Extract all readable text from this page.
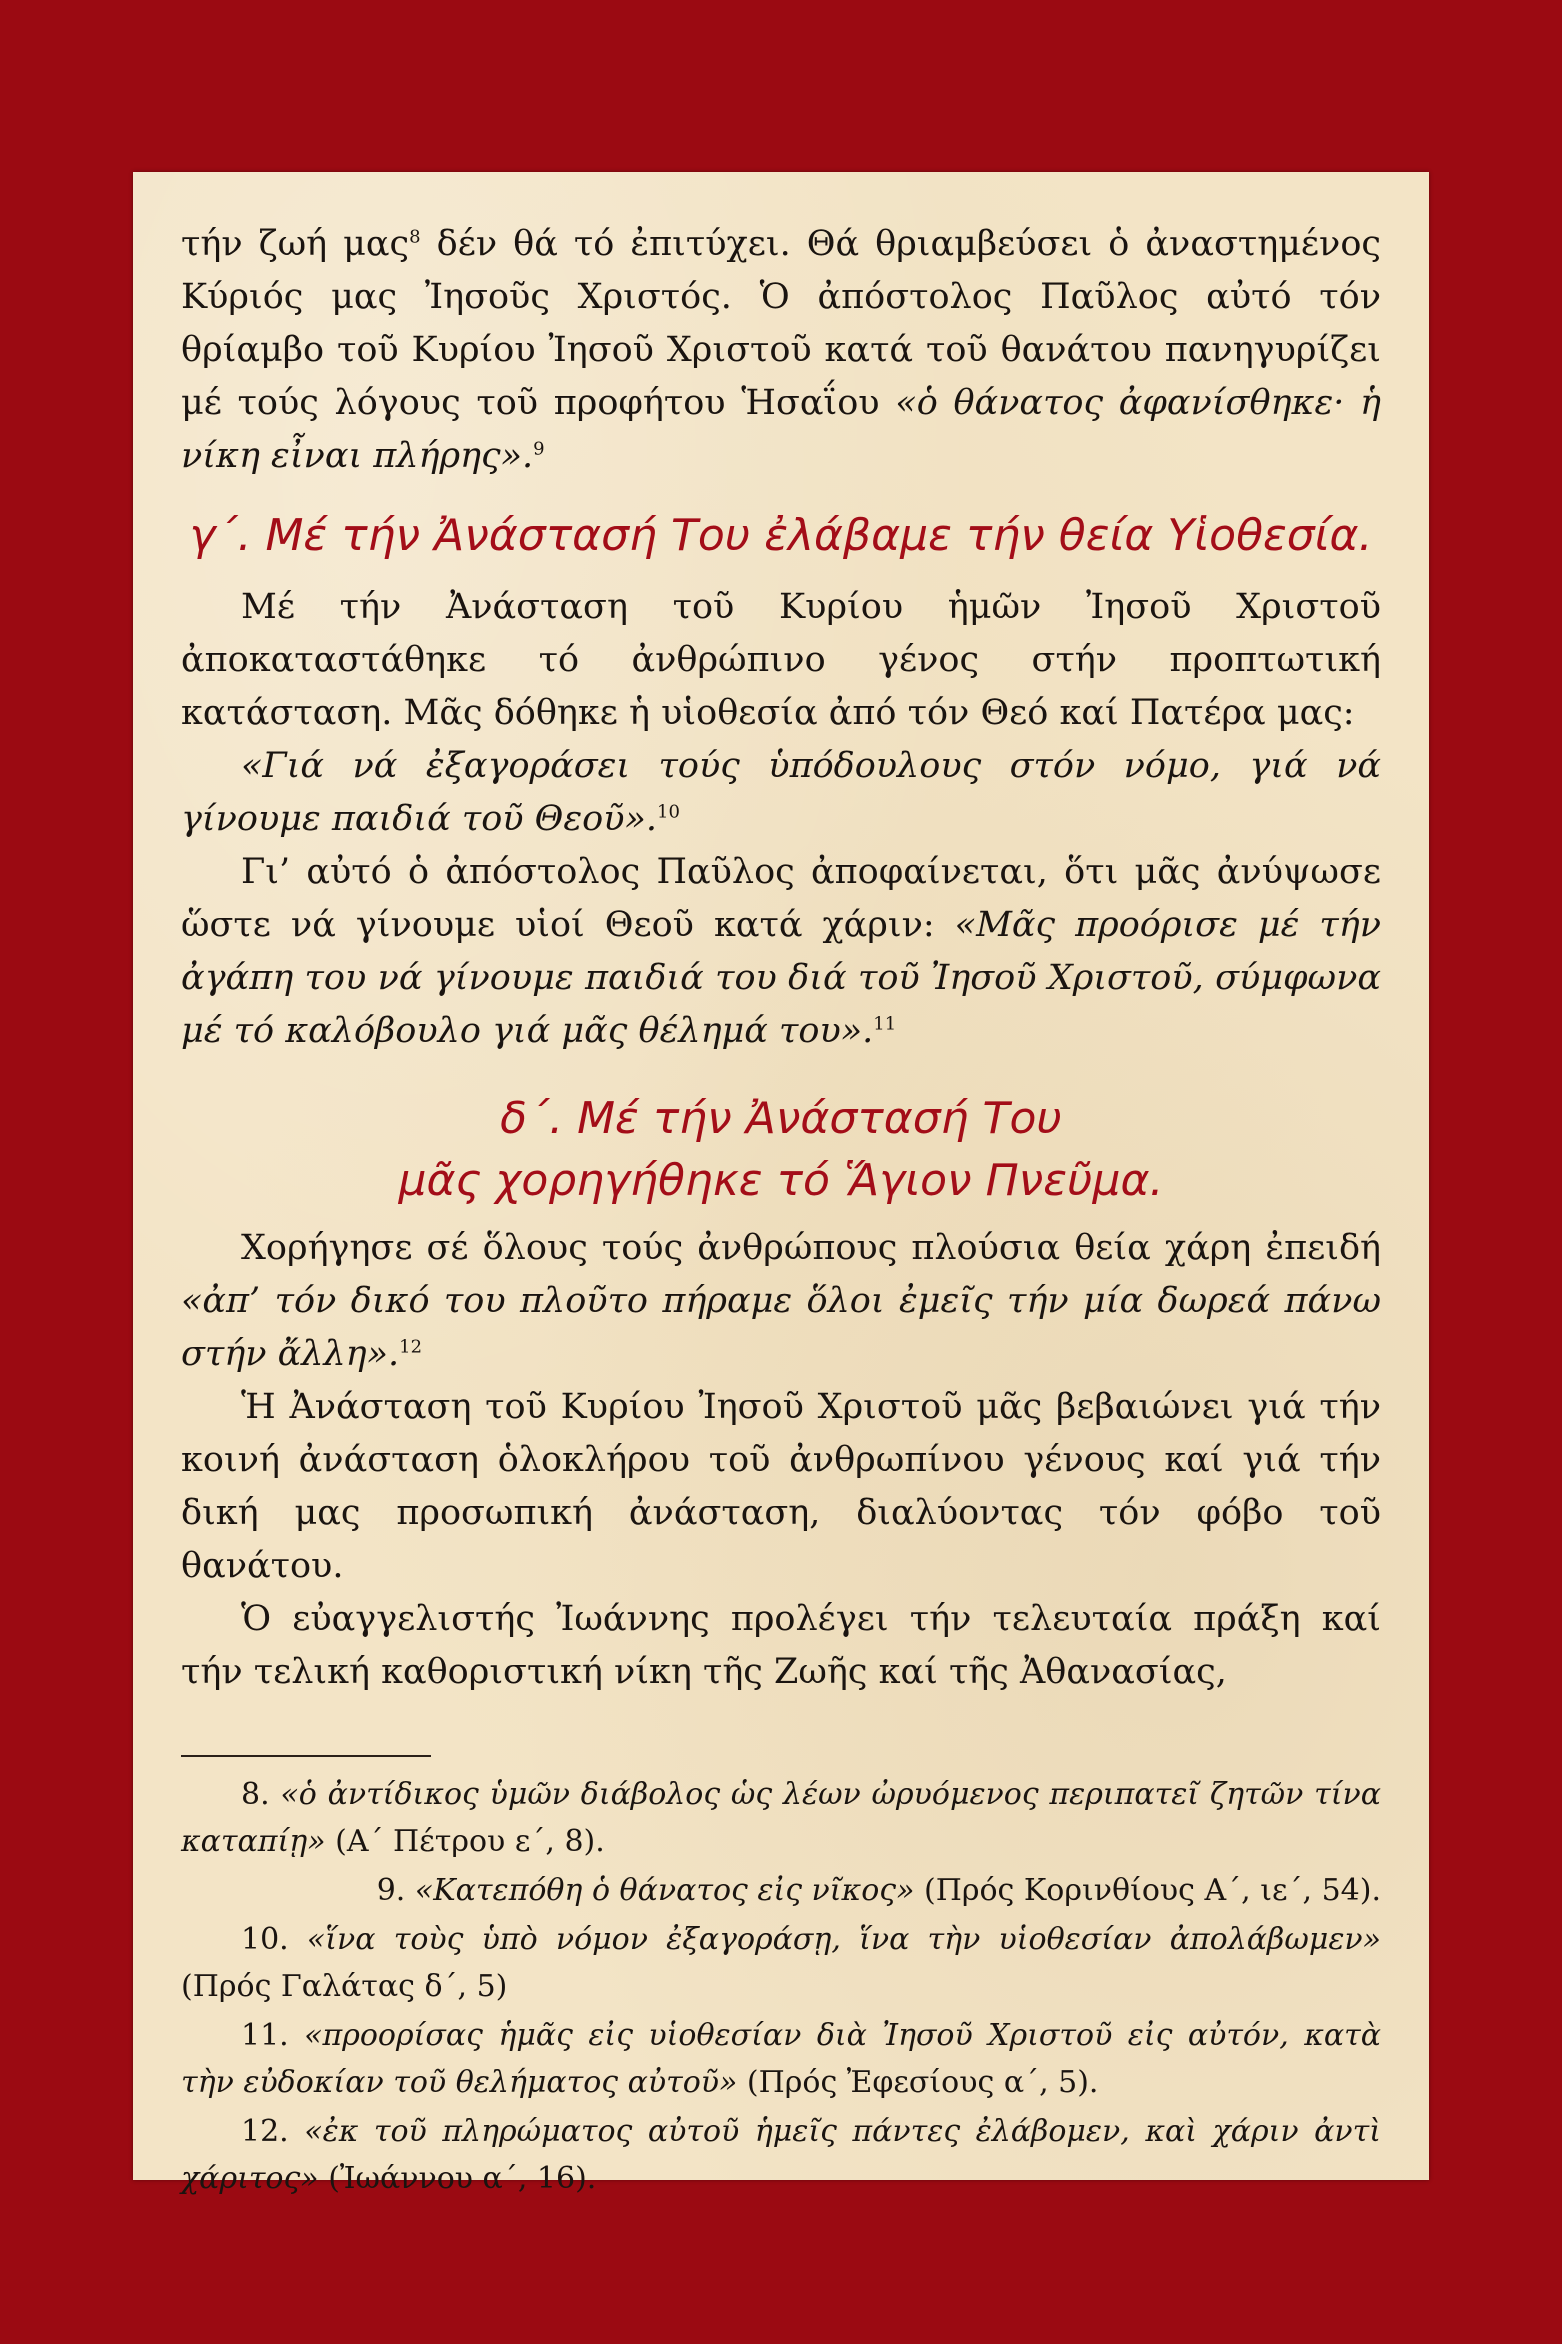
τήν ζωή μας$^8$ δέν θά τό ἐπιτύχει. Θά θριαμβεύσει ὁ ἀναστημένος Κύριός μας Ἰησοῦς Χριστός. Ὁ ἀπόστολος Παῦλος αὐτό τόν θρίαμβο τοῦ Κυρίου Ἰησοῦ Χριστοῦ κατά τοῦ θανάτου πανηγυρίζει μέ τούς λόγους τοῦ προφήτου Ἡσαΐου «ὁ θάνατος ἀφανίσθηκε· ἡ νίκη εἶναι πλήρης».$^9$

γ΄. Μέ τήν Ἀνάστασή Του ἐλάβαμε τήν θεία Υἱοθεσία.

Μέ τήν Ἀνάσταση τοῦ Κυρίου ἡμῶν Ἰησοῦ Χριστοῦ ἀποκαταστάθηκε τό ἀνθρώπινο γένος στήν προπτωτική κατάσταση. Μᾶς δόθηκε ἡ υἱοθεσία ἀπό τόν Θεό καί Πατέρα μας:

«Γιά νά ἐξαγοράσει τούς ὑπόδουλους στόν νόμο, γιά νά γίνουμε παιδιά τοῦ Θεοῦ».$^{10}$

Γι’ αὐτό ὁ ἀπόστολος Παῦλος ἀποφαίνεται, ὅτι μᾶς ἀνύψωσε ὥστε νά γίνουμε υἱοί Θεοῦ κατά χάριν: «Μᾶς προόρισε μέ τήν ἀγάπη του νά γίνουμε παιδιά του διά τοῦ Ἰησοῦ Χριστοῦ, σύμφωνα μέ τό καλόβουλο γιά μᾶς θέλημά του».$^{11}$

δ΄. Μέ τήν Ἀνάστασή Του
μᾶς χορηγήθηκε τό Ἅγιον Πνεῦμα.

Χορήγησε σέ ὅλους τούς ἀνθρώπους πλούσια θεία χάρη ἐπειδή «ἀπ’ τόν δικό του πλοῦτο πήραμε ὅλοι ἐμεῖς τήν μία δωρεά πάνω στήν ἄλλη».$^{12}$

Ἡ Ἀνάσταση τοῦ Κυρίου Ἰησοῦ Χριστοῦ μᾶς βεβαιώνει γιά τήν κοινή ἀνάσταση ὁλοκλήρου τοῦ ἀνθρωπίνου γένους καί γιά τήν δική μας προσωπική ἀνάσταση, διαλύοντας τόν φόβο τοῦ θανάτου.

Ὁ εὐαγγελιστής Ἰωάννης προλέγει τήν τελευταία πράξη καί τήν τελική καθοριστική νίκη τῆς Ζωῆς καί τῆς Ἀθανασίας,

8. «ὁ ἀντίδικος ὑμῶν διάβολος ὡς λέων ὠρυόμενος περιπατεῖ ζητῶν τίνα καταπίῃ» (Α΄ Πέτρου ε΄, 8).

9. «Κατεπόθη ὁ θάνατος εἰς νῖκος» (Πρός Κορινθίους Α΄, ιε΄, 54).

10. «ἵνα τοὺς ὑπὸ νόμον ἐξαγοράσῃ, ἵνα τὴν υἱοθεσίαν ἀπολάβωμεν» (Πρός Γαλάτας δ΄, 5)

11. «προορίσας ἡμᾶς εἰς υἱοθεσίαν διὰ Ἰησοῦ Χριστοῦ εἰς αὐτόν, κατὰ τὴν εὐδοκίαν τοῦ θελήματος αὐτοῦ» (Πρός Ἐφεσίους α΄, 5).

12. «ἐκ τοῦ πληρώματος αὐτοῦ ἡμεῖς πάντες ἐλάβομεν, καὶ χάριν ἀντὶ χάριτος» (Ἰωάννου α΄, 16).
